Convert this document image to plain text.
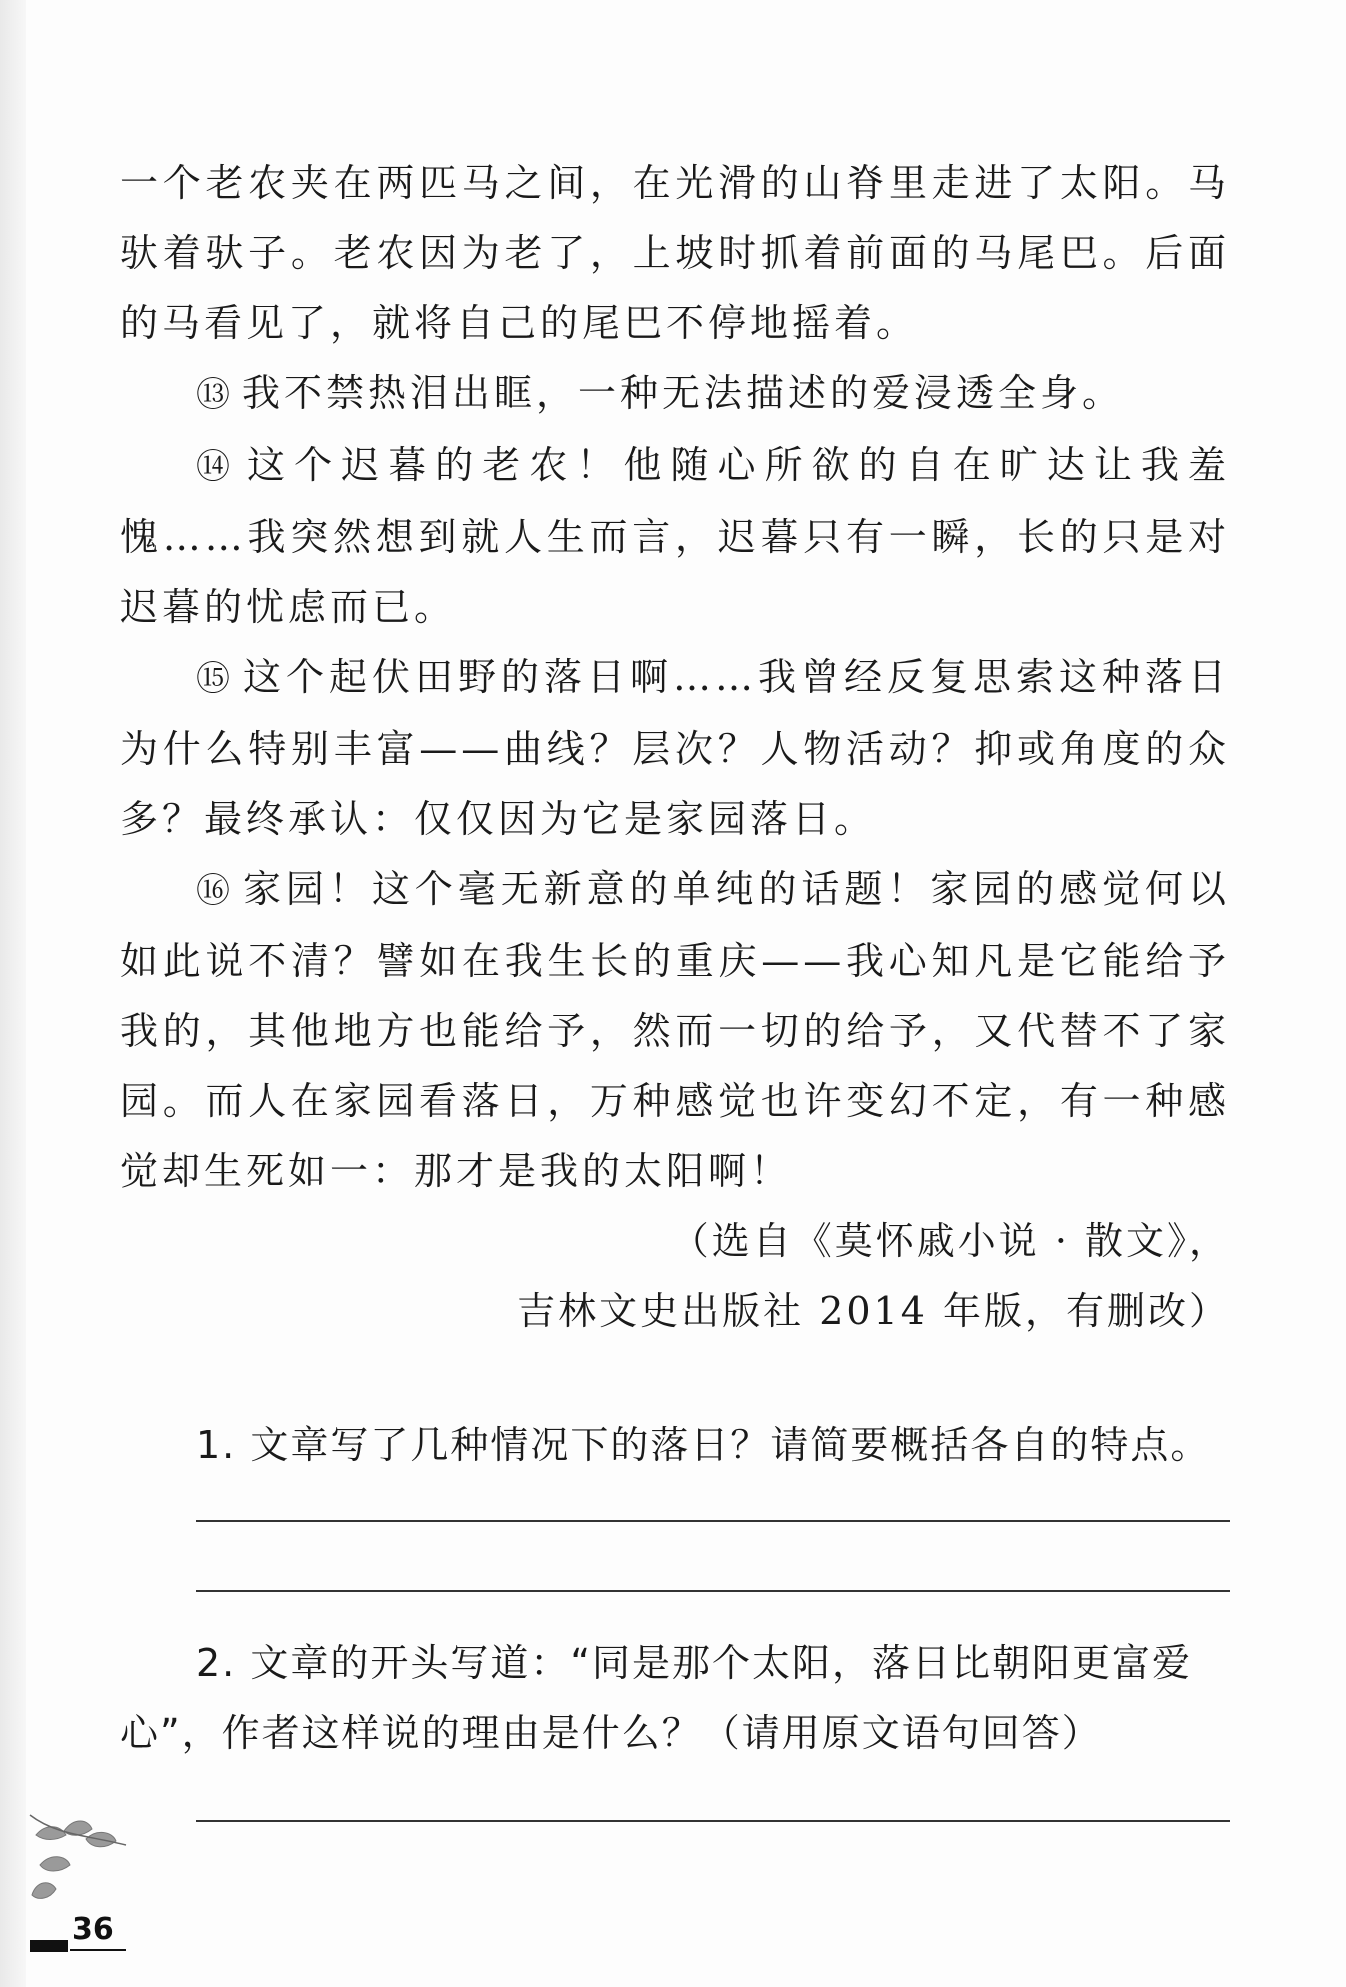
一个老农夹在两匹马之间，在光滑的山脊里走进了太阳。马驮着驮子。老农因为老了，上坡时抓着前面的马尾巴。后面的马看见了，就将自己的尾巴不停地摇着。

⑬ 我不禁热泪出眶，一种无法描述的爱浸透全身。

⑭ 这个迟暮的老农！他随心所欲的自在旷达让我羞愧……我突然想到就人生而言，迟暮只有一瞬，长的只是对迟暮的忧虑而已。

⑮ 这个起伏田野的落日啊……我曾经反复思索这种落日为什么特别丰富——曲线？层次？人物活动？抑或角度的众多？最终承认：仅仅因为它是家园落日。

⑯ 家园！这个毫无新意的单纯的话题！家园的感觉何以如此说不清？譬如在我生长的重庆——我心知凡是它能给予我的，其他地方也能给予，然而一切的给予，又代替不了家园。而人在家园看落日，万种感觉也许变幻不定，有一种感觉却生死如一：那才是我的太阳啊！

（选自《莫怀戚小说 · 散文》，

吉林文史出版社 2014 年版，有删改）

1. 文章写了几种情况下的落日？请简要概括各自的特点。

2. 文章的开头写道：“同是那个太阳，落日比朝阳更富爱心”，作者这样说的理由是什么？（请用原文语句回答）

36
